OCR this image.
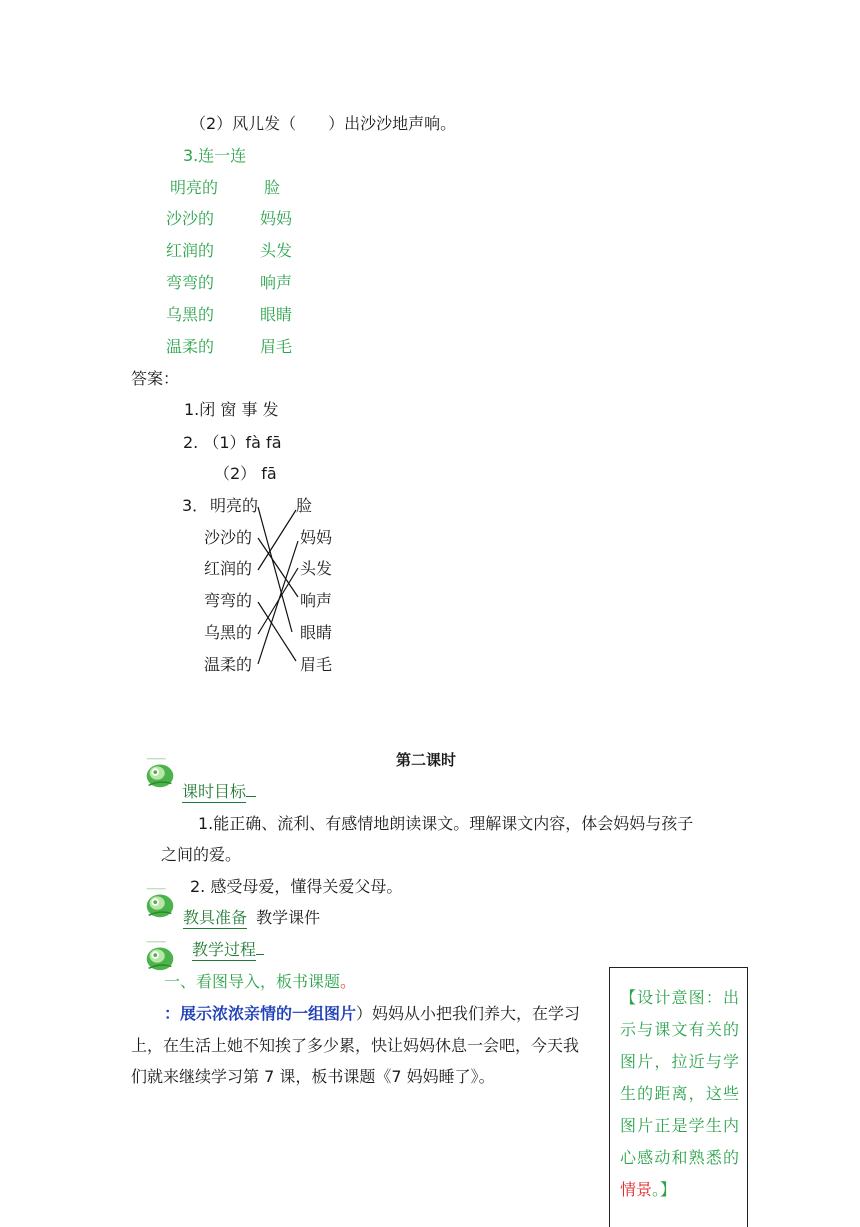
（2）风儿发（　　）出沙沙地声响。
3.连一连
明亮的	脸
沙沙的	妈妈
红润的	头发
弯弯的	响声
乌黑的	眼睛
温柔的	眉毛
答案：
1.闭 窗 事 发
2. （1）fà fā
（2） fā
3． 明亮的 脸
沙沙的	妈妈
红润的	头发
弯弯的	响声
乌黑的	眼睛
温柔的	眉毛
第二课时
课时目标
1.能正确、流利、有感情地朗读课文。理解课文内容，体会妈妈与孩子
之间的爱。
2. 感受母爱，懂得关爱父母。
教具准备 教学课件
教学过程
一、看图导入，板书课题。
：展示浓浓亲情的一组图片）妈妈从小把我们养大，在学习
上，在生活上她不知挨了多少累，快让妈妈休息一会吧，今天我
们就来继续学习第 7 课，板书课题《7 妈妈睡了》。
【设计意图：出示与课文有关的图片，拉近与学生的距离，这些图片正是学生内心感动和熟悉的情景。】
